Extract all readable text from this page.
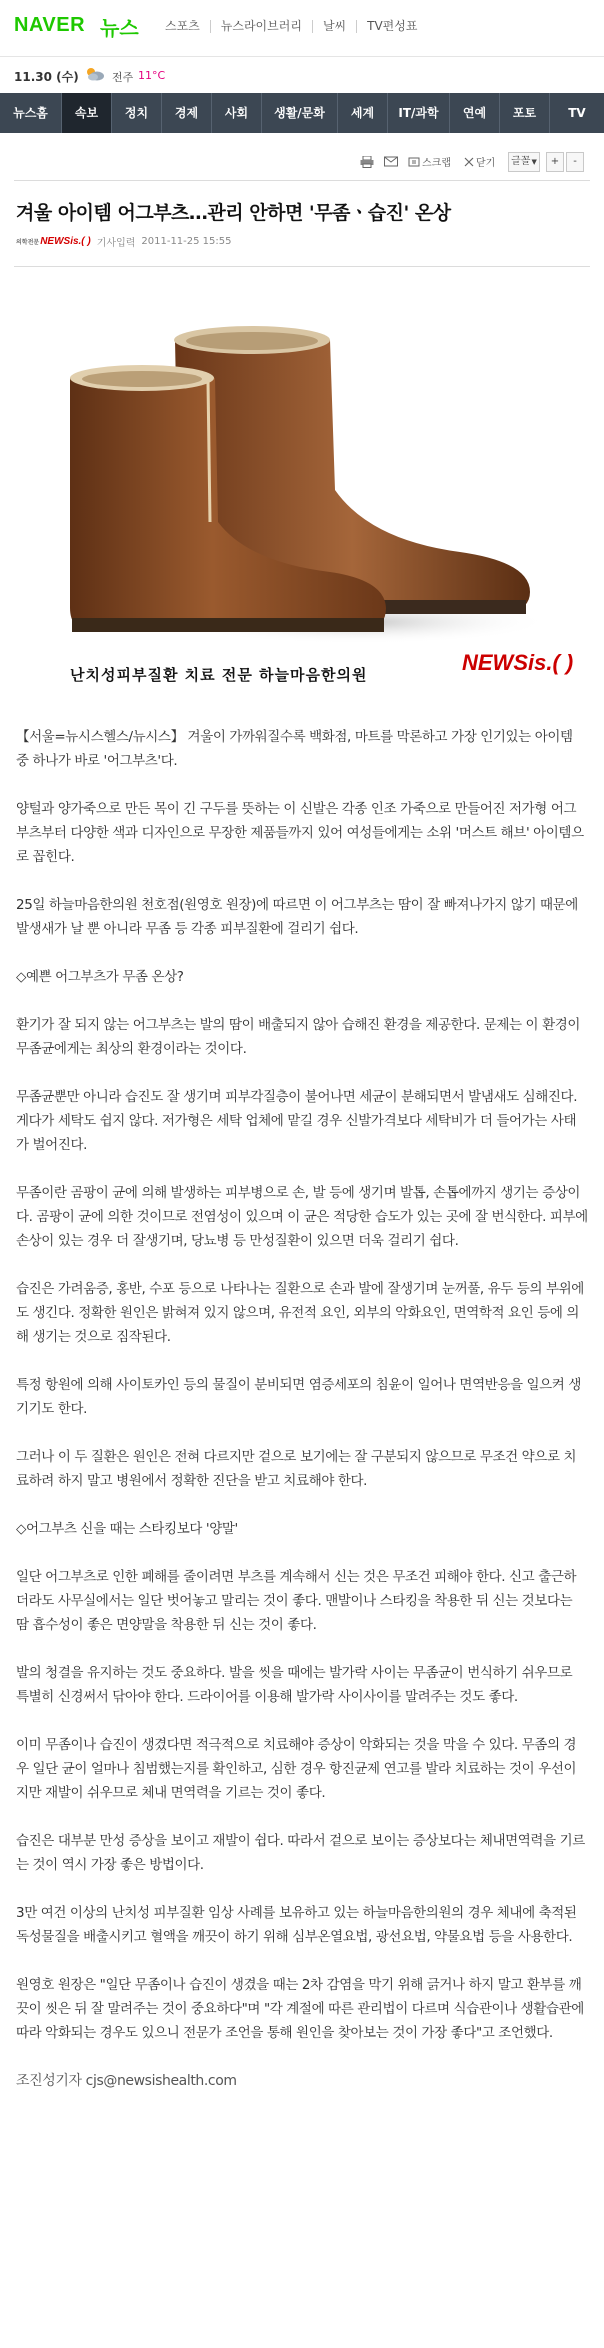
NAVER 뉴스	스포츠	뉴스라이브러리	날씨	TV편성표
11.30 (수)	전주 11°C
뉴스홈	속보	정치	경제	사회	생활/문화	세계	IT/과학	연예	포토	TV
스크랩	닫기	글꼴▼	+	-
겨울 아이템 어그부츠…관리 안하면 '무좀ㆍ습진' 온상
의학전문NEWSis.( ) 기사입력 2011-11-25 15:55
난치성피부질환 치료 전문 하늘마음한의원	NEWSis.( )

【서울=뉴시스헬스/뉴시스】 겨울이 가까워질수록 백화점, 마트를 막론하고 가장 인기있는 아이템 중 하나가 바로 '어그부츠'다.

양털과 양가죽으로 만든 목이 긴 구두를 뜻하는 이 신발은 각종 인조 가죽으로 만들어진 저가형 어그부츠부터 다양한 색과 디자인으로 무장한 제품들까지 있어 여성들에게는 소위 '머스트 해브' 아이템으로 꼽힌다.

25일 하늘마음한의원 천호점(원영호 원장)에 따르면 이 어그부츠는 땀이 잘 빠져나가지 않기 때문에 발생새가 날 뿐 아니라 무좀 등 각종 피부질환에 걸리기 쉽다.

◇예쁜 어그부츠가 무좀 온상?

환기가 잘 되지 않는 어그부츠는 발의 땀이 배출되지 않아 습해진 환경을 제공한다. 문제는 이 환경이 무좀균에게는 최상의 환경이라는 것이다.

무좀균뿐만 아니라 습진도 잘 생기며 피부각질층이 불어나면 세균이 분해되면서 발냄새도 심해진다. 게다가 세탁도 쉽지 않다. 저가형은 세탁 업체에 맡길 경우 신발가격보다 세탁비가 더 들어가는 사태가 벌어진다.

무좀이란 곰팡이 균에 의해 발생하는 피부병으로 손, 발 등에 생기며 발톱, 손톱에까지 생기는 증상이다. 곰팡이 균에 의한 것이므로 전염성이 있으며 이 균은 적당한 습도가 있는 곳에 잘 번식한다. 피부에 손상이 있는 경우 더 잘생기며, 당뇨병 등 만성질환이 있으면 더욱 걸리기 쉽다.

습진은 가려움증, 홍반, 수포 등으로 나타나는 질환으로 손과 발에 잘생기며 눈꺼풀, 유두 등의 부위에도 생긴다. 정확한 원인은 밝혀져 있지 않으며, 유전적 요인, 외부의 악화요인, 면역학적 요인 등에 의해 생기는 것으로 짐작된다.

특정 항원에 의해 사이토카인 등의 물질이 분비되면 염증세포의 침윤이 일어나 면역반응을 일으켜 생기기도 한다.

그러나 이 두 질환은 원인은 전혀 다르지만 겉으로 보기에는 잘 구분되지 않으므로 무조건 약으로 치료하려 하지 말고 병원에서 정확한 진단을 받고 치료해야 한다.

◇어그부츠 신을 때는 스타킹보다 '양말'

일단 어그부츠로 인한 폐해를 줄이려면 부츠를 계속해서 신는 것은 무조건 피해야 한다. 신고 출근하더라도 사무실에서는 일단 벗어놓고 말리는 것이 좋다. 맨발이나 스타킹을 착용한 뒤 신는 것보다는 땀 흡수성이 좋은 면양말을 착용한 뒤 신는 것이 좋다.

발의 청결을 유지하는 것도 중요하다. 발을 씻을 때에는 발가락 사이는 무좀균이 번식하기 쉬우므로 특별히 신경써서 닦아야 한다. 드라이어를 이용해 발가락 사이사이를 말려주는 것도 좋다.

이미 무좀이나 습진이 생겼다면 적극적으로 치료해야 증상이 악화되는 것을 막을 수 있다. 무좀의 경우 일단 균이 얼마나 침범했는지를 확인하고, 심한 경우 항진균제 연고를 발라 치료하는 것이 우선이지만 재발이 쉬우므로 체내 면역력을 기르는 것이 좋다.

습진은 대부분 만성 증상을 보이고 재발이 쉽다. 따라서 겉으로 보이는 증상보다는 체내면역력을 기르는 것이 역시 가장 좋은 방법이다.

3만 여건 이상의 난치성 피부질환 임상 사례를 보유하고 있는 하늘마음한의원의 경우 체내에 축적된 독성물질을 배출시키고 혈액을 깨끗이 하기 위해 심부온열요법, 광선요법, 약물요법 등을 사용한다.

원영호 원장은 "일단 무좀이나 습진이 생겼을 때는 2차 감염을 막기 위해 긁거나 하지 말고 환부를 깨끗이 씻은 뒤 잘 말려주는 것이 중요하다"며 "각 계절에 따른 관리법이 다르며 식습관이나 생활습관에 따라 악화되는 경우도 있으니 전문가 조언을 통해 원인을 찾아보는 것이 가장 좋다"고 조언했다.

조진성기자 cjs@newsishealth.com
